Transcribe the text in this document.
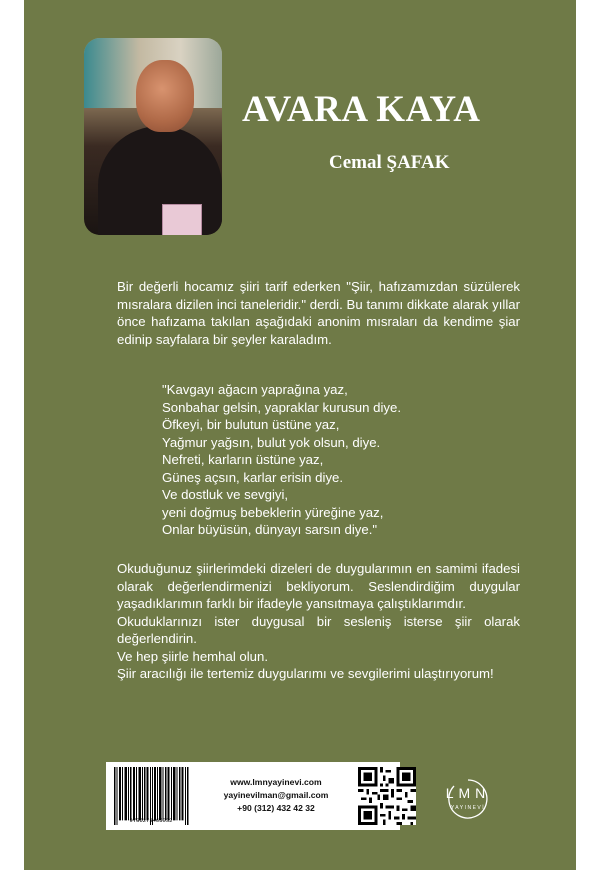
AVARA KAYA
Cemal ŞAFAK

Bir değerli hocamız şiiri tarif ederken "Şiir, hafızamızdan süzülerek mısralara dizilen inci taneleridir." derdi. Bu tanımı dikkate alarak yıllar önce hafızama takılan aşağıdaki anonim mısraları da kendime şiar edinip sayfalara bir şeyler karaladım.

"Kavgayı ağacın yaprağına yaz,
Sonbahar gelsin, yapraklar kurusun diye.
Öfkeyi, bir bulutun üstüne yaz,
Yağmur yağsın, bulut yok olsun, diye.
Nefreti, karların üstüne yaz,
Güneş açsın, karlar erisin diye.
Ve dostluk ve sevgiyi,
yeni doğmuş bebeklerin yüreğine yaz,
Onlar büyüsün, dünyayı sarsın diye."

Okuduğunuz şiirlerimdeki dizeleri de duygularımın en samimi ifadesi olarak değerlendirmenizi bekliyorum. Seslendirdiğim duygular yaşadıklarımın farklı bir ifadeyle yansıtmaya çalıştıklarımdır.

Okuduklarınızı ister duygusal bir sesleniş isterse şiir olarak değerlendirin.

Ve hep şiirle hemhal olun.

Şiir aracılığı ile tertemiz duygularımı ve sevgilerimi ulaştırıyorum!

9786273465032
www.lmnyayinevi.com
yayinevilman@gmail.com
+90 (312) 432 42 32
LMN
YAYINEVİ
